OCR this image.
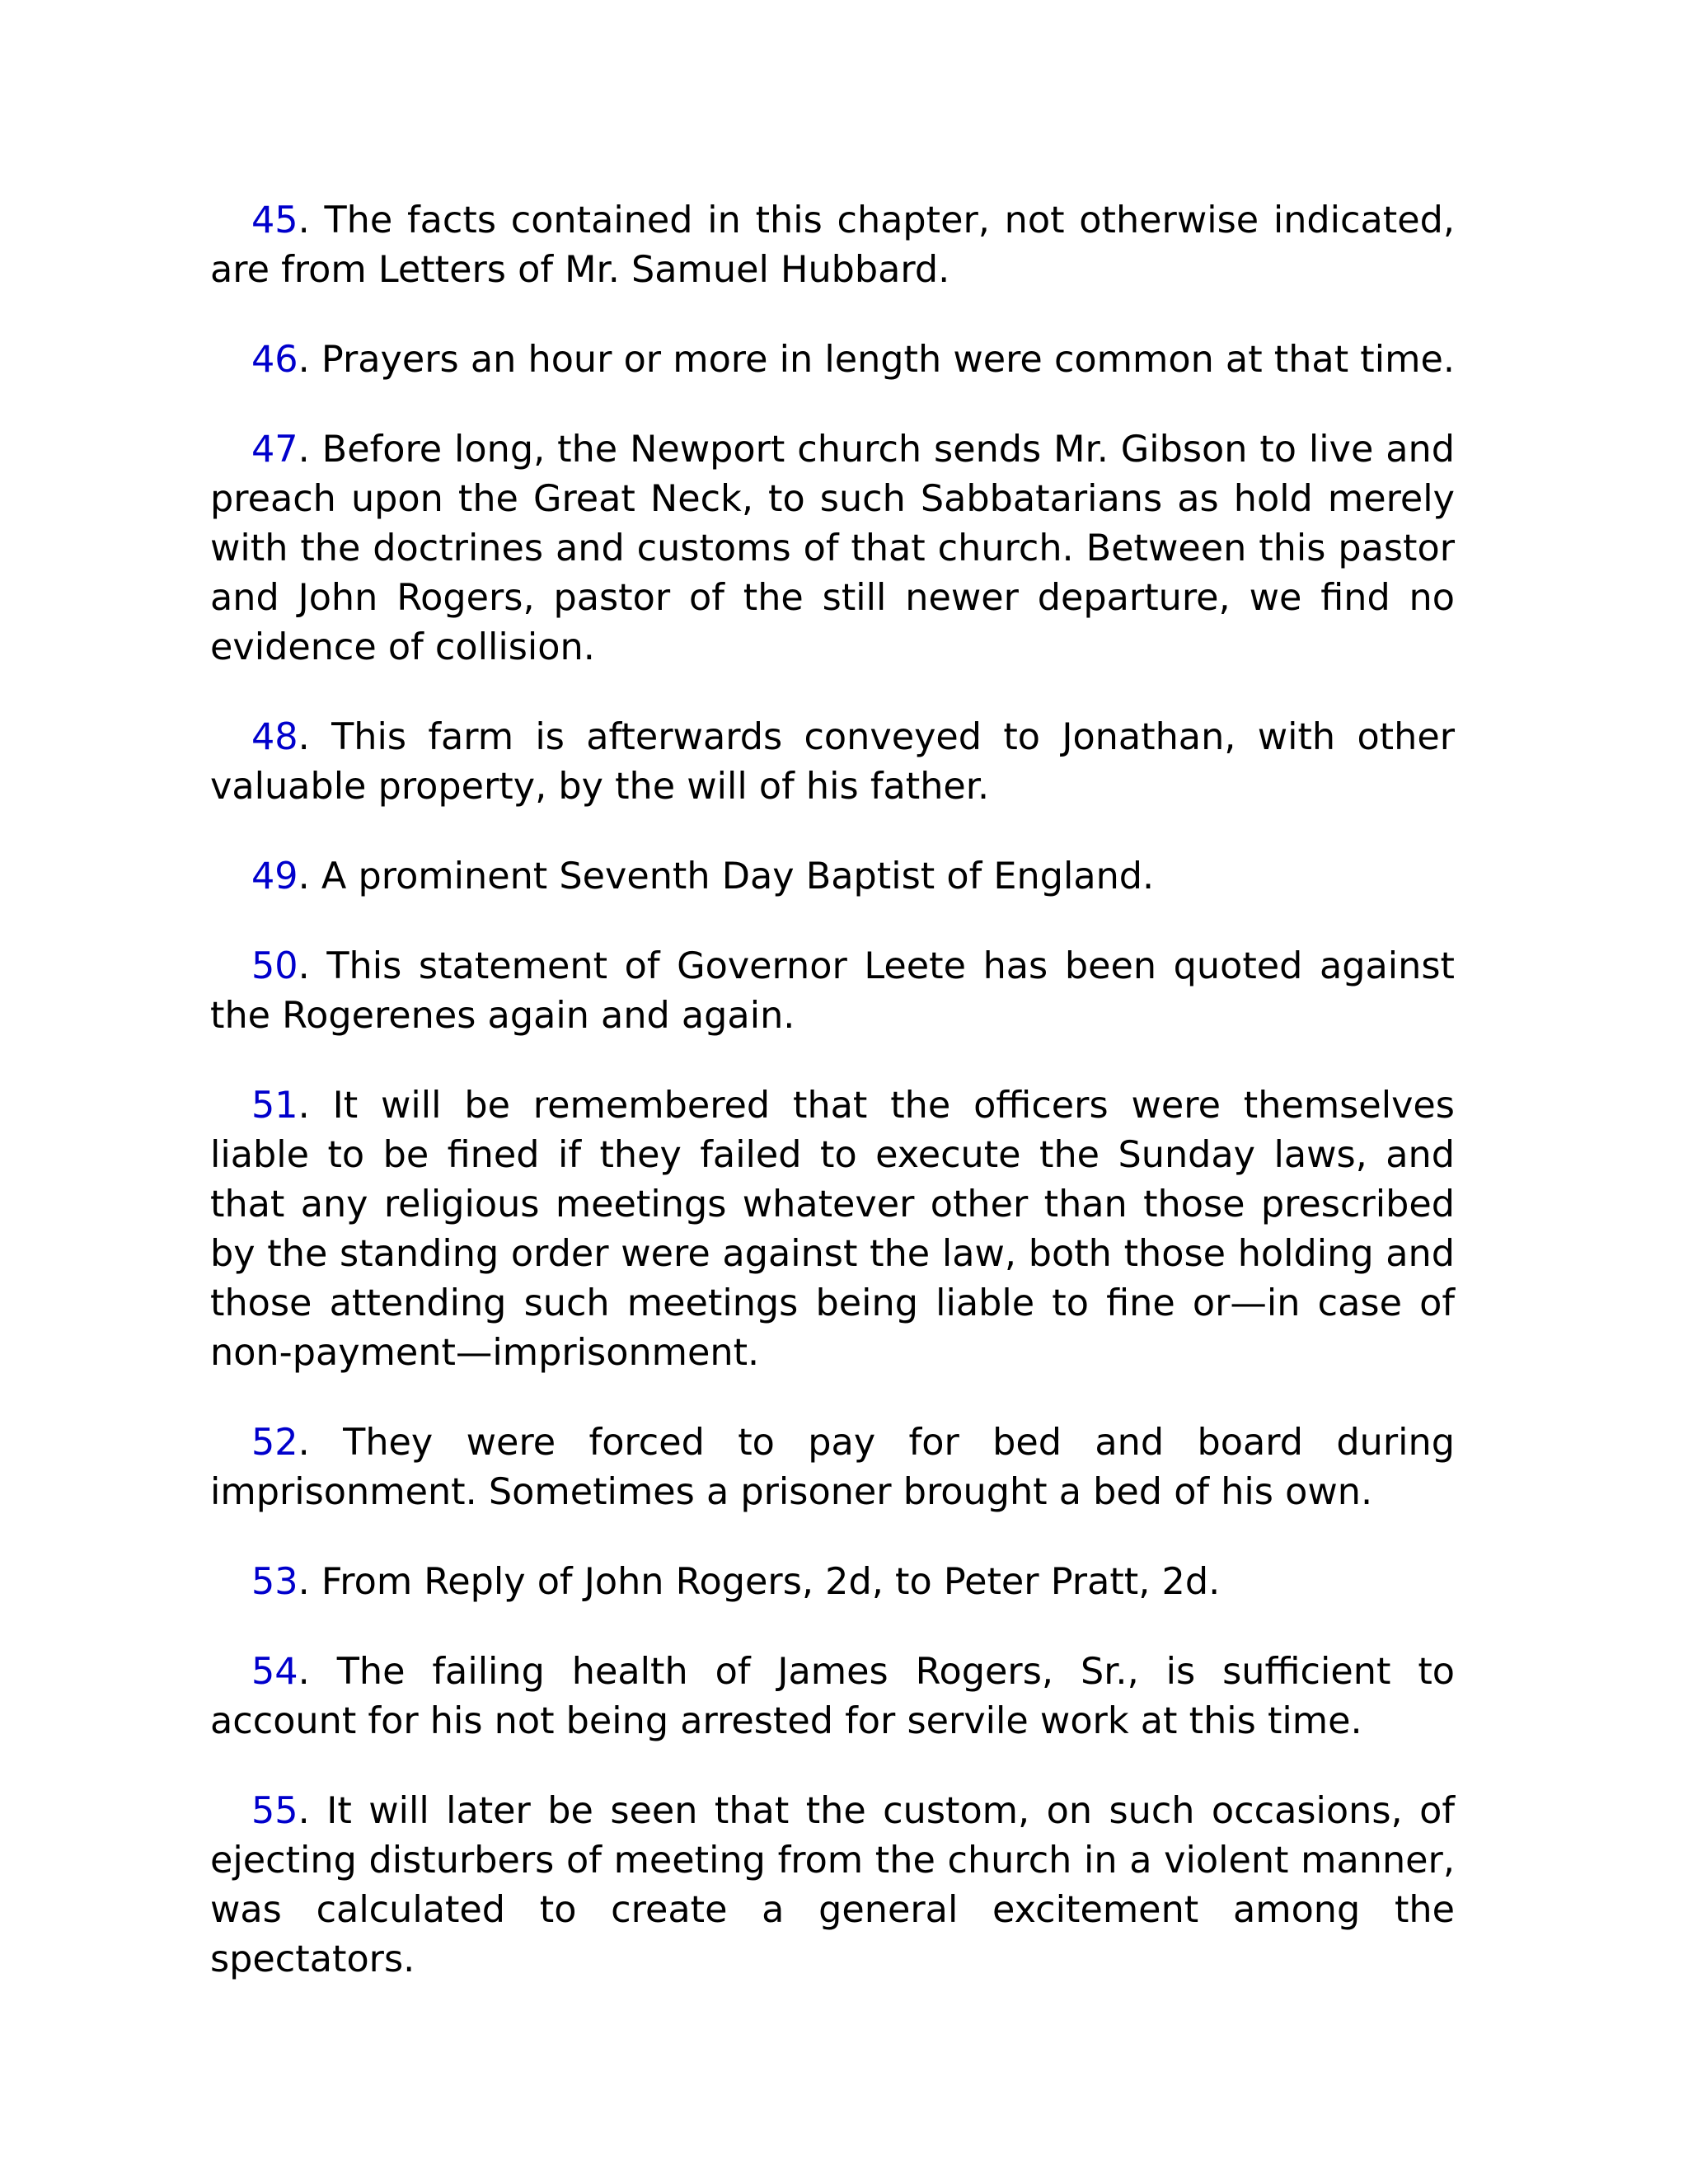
45. The facts contained in this chapter, not otherwise indicated, are from Letters of Mr. Samuel Hubbard.

46. Prayers an hour or more in length were common at that time.

47. Before long, the Newport church sends Mr. Gibson to live and preach upon the Great Neck, to such Sabbatarians as hold merely with the doctrines and customs of that church. Between this pastor and John Rogers, pastor of the still newer departure, we find no evidence of collision.

48. This farm is afterwards conveyed to Jonathan, with other valuable property, by the will of his father.

49. A prominent Seventh Day Baptist of England.

50. This statement of Governor Leete has been quoted against the Rogerenes again and again.

51. It will be remembered that the officers were themselves liable to be fined if they failed to execute the Sunday laws, and that any religious meetings whatever other than those prescribed by the standing order were against the law, both those holding and those attending such meetings being liable to fine or—in case of non-payment—imprisonment.

52. They were forced to pay for bed and board during imprisonment. Sometimes a prisoner brought a bed of his own.

53. From Reply of John Rogers, 2d, to Peter Pratt, 2d.

54. The failing health of James Rogers, Sr., is sufficient to account for his not being arrested for servile work at this time.

55. It will later be seen that the custom, on such occasions, of ejecting disturbers of meeting from the church in a violent manner, was calculated to create a general excitement among the spectators.
